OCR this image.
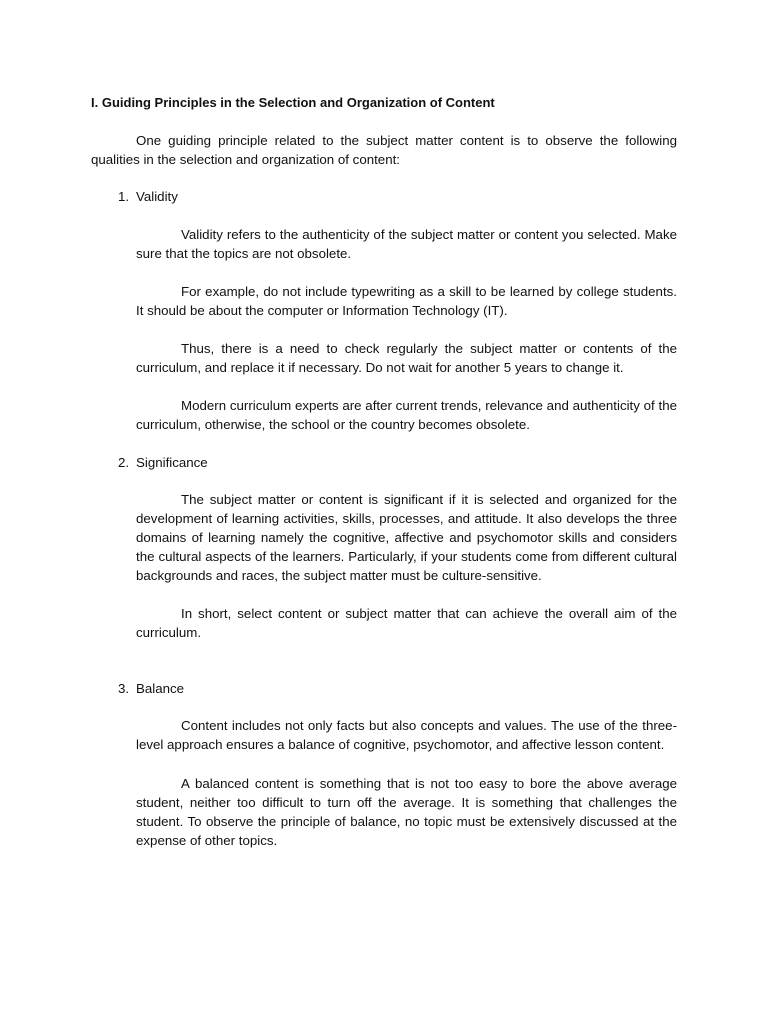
I. Guiding Principles in the Selection and Organization of Content
One guiding principle related to the subject matter content is to observe the following qualities in the selection and organization of content:
1. Validity
Validity refers to the authenticity of the subject matter or content you selected. Make sure that the topics are not obsolete.
For example, do not include typewriting as a skill to be learned by college students. It should be about the computer or Information Technology (IT).
Thus, there is a need to check regularly the subject matter or contents of the curriculum, and replace it if necessary. Do not wait for another 5 years to change it.
Modern curriculum experts are after current trends, relevance and authenticity of the curriculum, otherwise, the school or the country becomes obsolete.
2. Significance
The subject matter or content is significant if it is selected and organized for the development of learning activities, skills, processes, and attitude. It also develops the three domains of learning namely the cognitive, affective and psychomotor skills and considers the cultural aspects of the learners. Particularly, if your students come from different cultural backgrounds and races, the subject matter must be culture-sensitive.
In short, select content or subject matter that can achieve the overall aim of the curriculum.
3. Balance
Content includes not only facts but also concepts and values. The use of the three-level approach ensures a balance of cognitive, psychomotor, and affective lesson content.
A balanced content is something that is not too easy to bore the above average student, neither too difficult to turn off the average. It is something that challenges the student. To observe the principle of balance, no topic must be extensively discussed at the expense of other topics.
